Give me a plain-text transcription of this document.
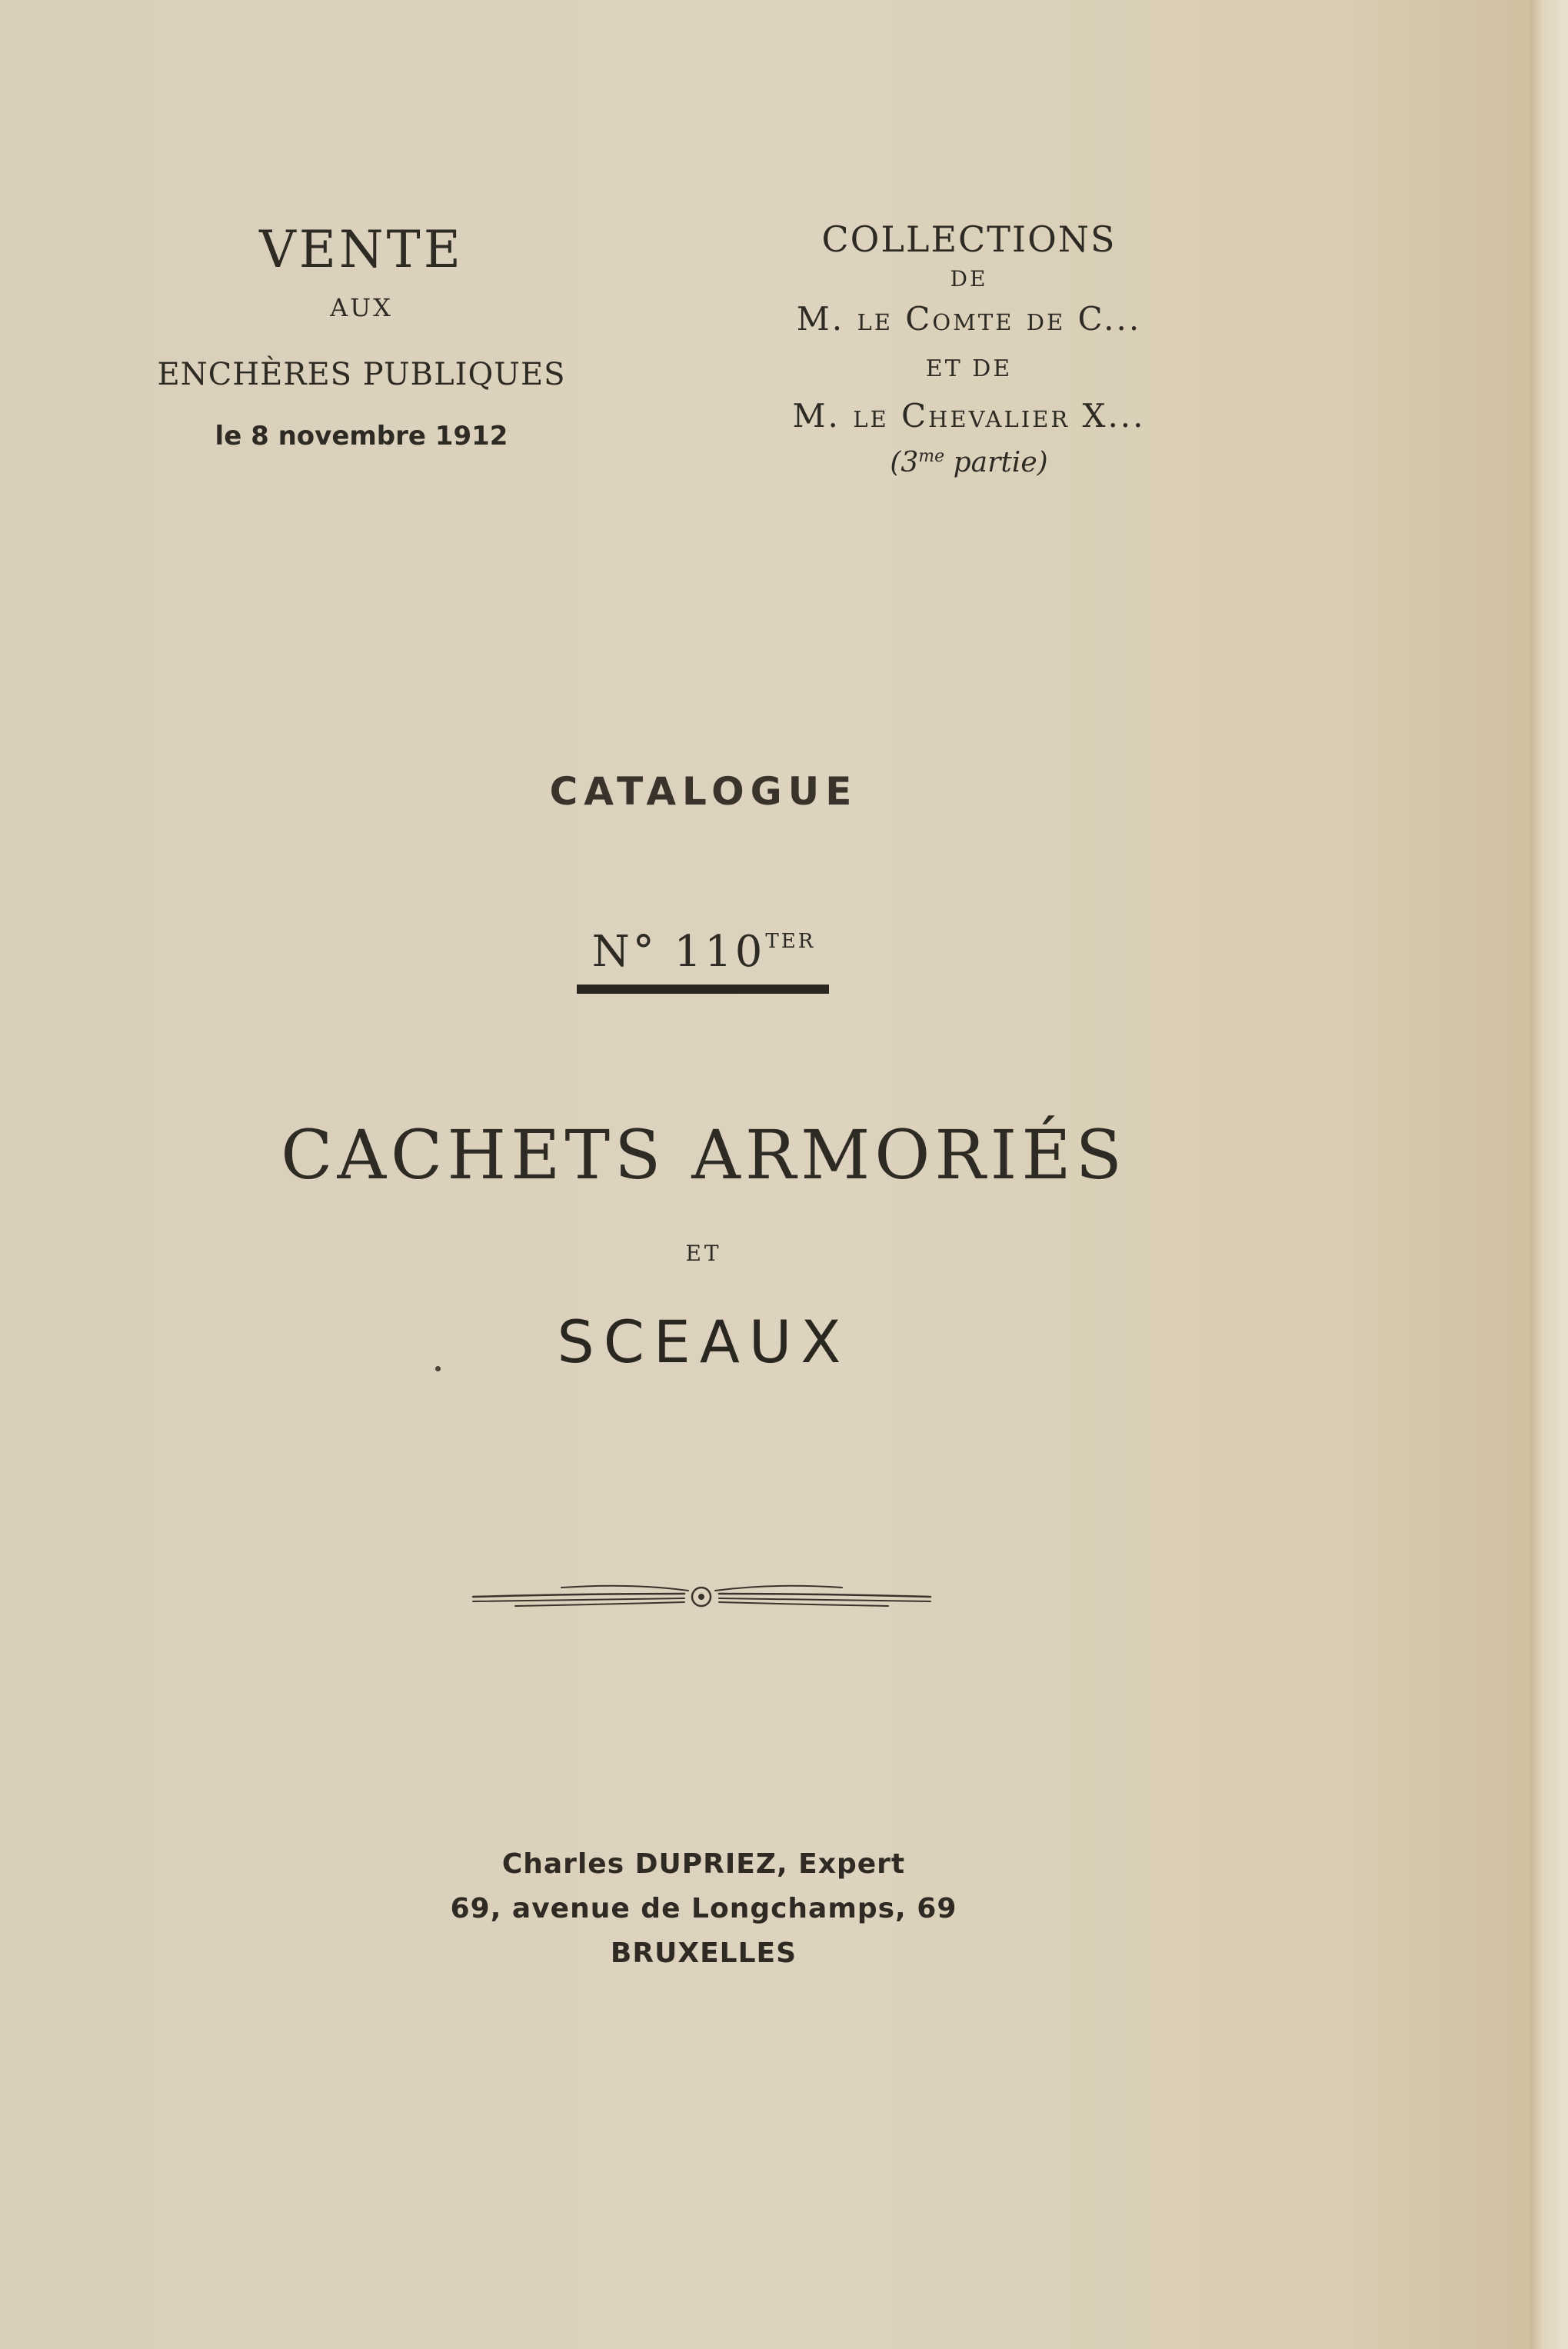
VENTE
AUX
ENCHÈRES PUBLIQUES
le 8 novembre 1912
COLLECTIONS
DE
M. le Comte de C...
ET DE
M. le Chevalier X...
($3^{me}$ partie)
CATALOGUE
N° $110^{TER}$
CACHETS ARMORIÉS
ET
SCEAUX
Charles DUPRIEZ, Expert
69, avenue de Longchamps, 69
BRUXELLES
